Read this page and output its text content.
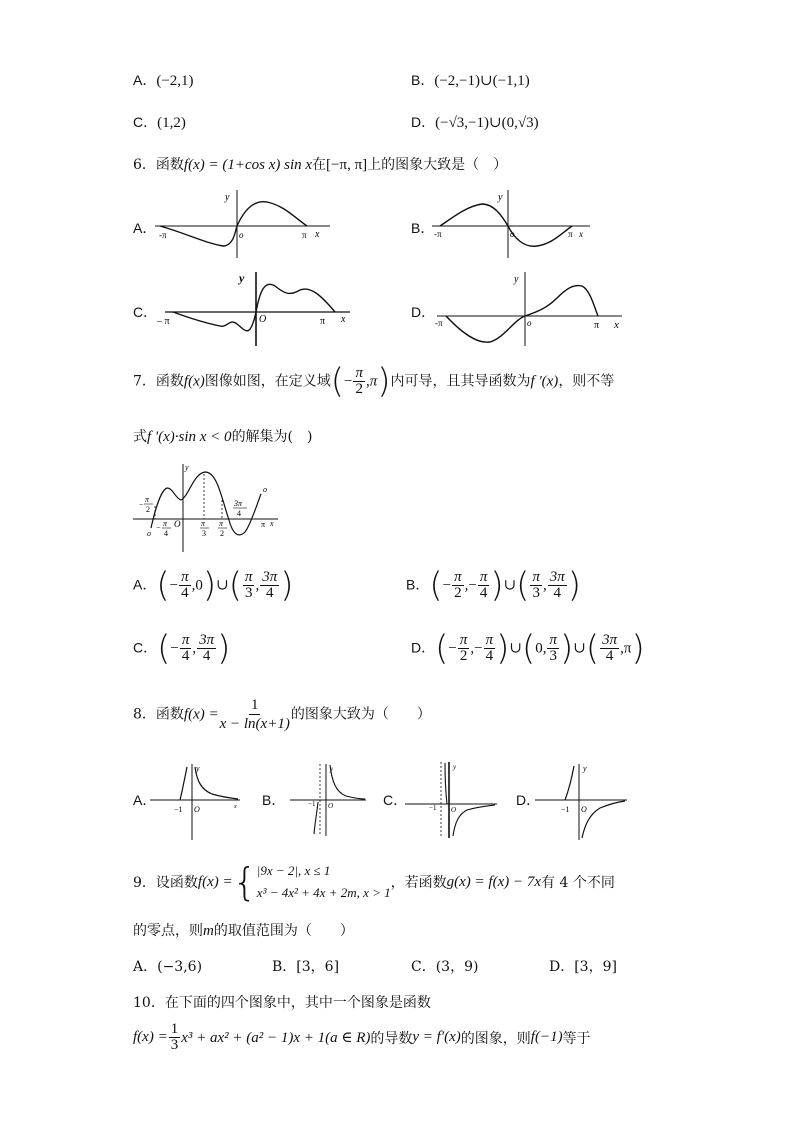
A．(−2,1)	B．(−2,−1)∪(−1,1)
C．(1,2)	D．(−√3,−1)∪(0,√3)
6．函数f(x) = (1+cos x) sin x在[−π, π]上的图象大致是（　）
A． -π	o	π x
y
B． -π	o	π x
y
C．
– π	O	π x
y
D．
-π	o	π x
y
7．函数f(x)图像如图，在定义域(− $\frac{\pi}{2} ,\pi$)内可导，且其导函数为f '(x)，则不等
式f '(x)·sin x < 0的解集为(　)
π
2
−
π
4
− O	π
3
π
2
3π
4
π x
y
o
o
A．(− $\frac{\pi}{4}$ ,0)∪( $\frac{\pi}{3}$ , $\frac{3\pi}{4}$ )	B．(− $\frac{\pi}{2}$ ,− $\frac{\pi}{4}$ )∪( $\frac{\pi}{3}$ , $\frac{3\pi}{4}$ )
C．(− $\frac{\pi}{4}$ , $\frac{3\pi}{4}$ )	D．(− $\frac{\pi}{2}$ ,− $\frac{\pi}{4}$ )∪(0, $\frac{\pi}{3}$ )∪( $\frac{3\pi}{4} ,\pi$)
8．函数$f(x) = \frac{1}{x - \ln(x+1)}$ 的图象大致为（　　）
A．
−1 O
y
x B．	−1 O
y
C．	−1 O
y
D．
−1 O
y
9．设函数 f(x) = { |9x − 2|, x ≤ 1
x³ − 4x² + 4x + 2m, x > 1
，若函数 g(x) = f(x) − 7x 有 4 个不同
的零点，则m的取值范围为（　　）
A．(−3,6)	B．[3，6]	C．(3，9)	D．[3，9]
10．在下面的四个图象中，其中一个图象是函数
$f(x) = \frac{1}{3} x^3 + ax^2 + (a^2 - 1)x + 1(a$ ∈ R) 的导数 y = f′(x) 的图象，则 f(−1) 等于
